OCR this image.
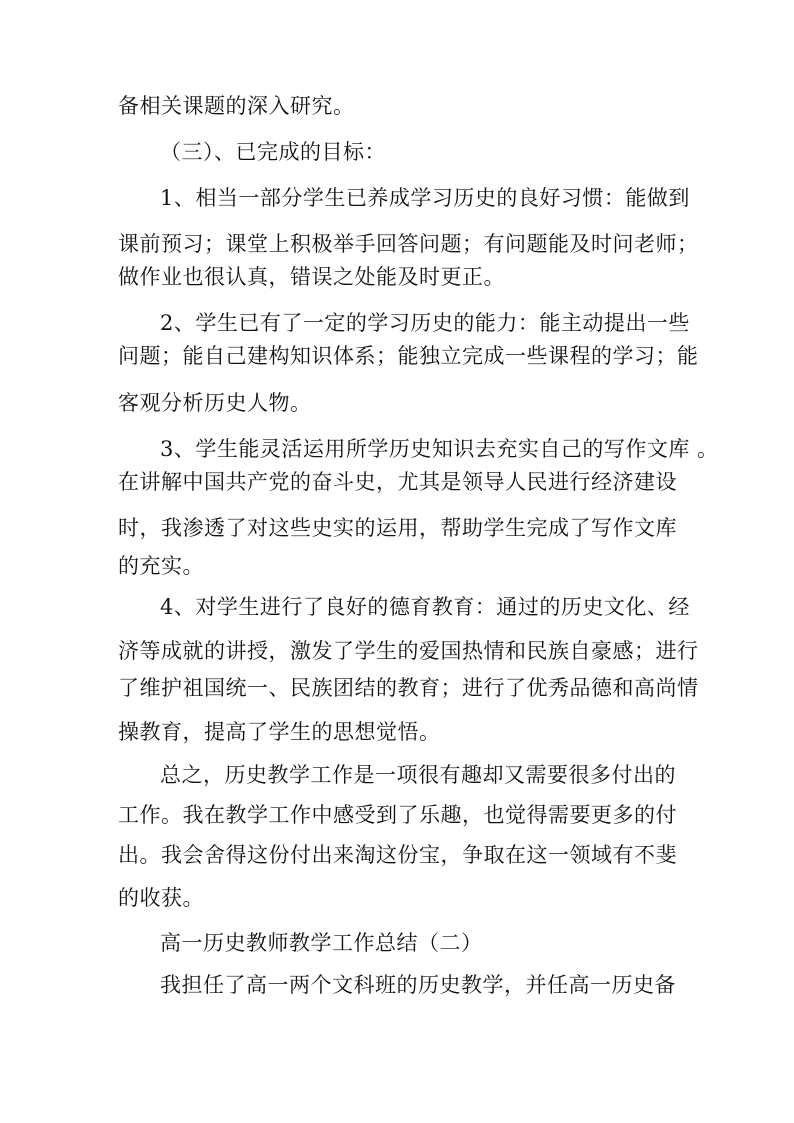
备相关课题的深入研究。
（三）、已完成的目标：
1、相当一部分学生已养成学习历史的良好习惯：能做到
课前预习；课堂上积极举手回答问题；有问题能及时问老师；
做作业也很认真，错误之处能及时更正。
2、学生已有了一定的学习历史的能力：能主动提出一些
问题；能自己建构知识体系；能独立完成一些课程的学习；能
客观分析历史人物。
3、学生能灵活运用所学历史知识去充实自己的写作文库 。
在讲解中国共产党的奋斗史，尤其是领导人民进行经济建设
时，我渗透了对这些史实的运用，帮助学生完成了写作文库
的充实。
4、对学生进行了良好的德育教育：通过的历史文化、经
济等成就的讲授，激发了学生的爱国热情和民族自豪感；进行
了维护祖国统一、民族团结的教育；进行了优秀品德和高尚情
操教育，提高了学生的思想觉悟。
总之，历史教学工作是一项很有趣却又需要很多付出的
工作。我在教学工作中感受到了乐趣，也觉得需要更多的付
出。我会舍得这份付出来淘这份宝，争取在这一领域有不斐
的收获。
高一历史教师教学工作总结（二）
我担任了高一两个文科班的历史教学，并任高一历史备
